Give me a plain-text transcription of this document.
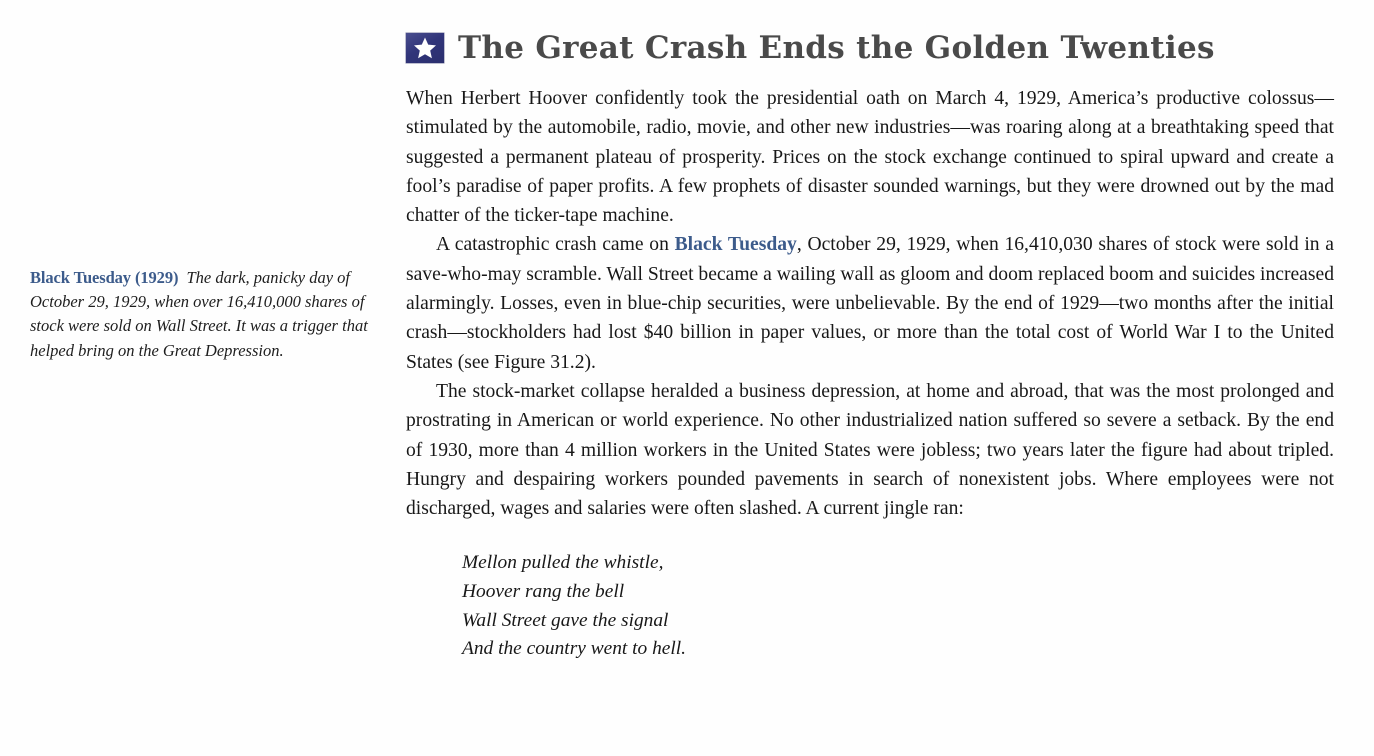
Black Tuesday (1929) The dark, panicky day of October 29, 1929, when over 16,410,000 shares of stock were sold on Wall Street. It was a trigger that helped bring on the Great Depression.
The Great Crash Ends the Golden Twenties

When Herbert Hoover confidently took the presidential oath on March 4, 1929, America’s productive colossus—stimulated by the automobile, radio, movie, and other new industries—was roaring along at a breathtaking speed that suggested a permanent plateau of prosperity. Prices on the stock exchange continued to spiral upward and create a fool’s paradise of paper profits. A few prophets of disaster sounded warnings, but they were drowned out by the mad chatter of the ticker-tape machine.

A catastrophic crash came on Black Tuesday, October 29, 1929, when 16,410,030 shares of stock were sold in a save-who-may scramble. Wall Street became a wailing wall as gloom and doom replaced boom and suicides increased alarmingly. Losses, even in blue-chip securities, were unbelievable. By the end of 1929—two months after the initial crash—stockholders had lost $40 billion in paper values, or more than the total cost of World War I to the United States (see Figure 31.2).

The stock-market collapse heralded a business depression, at home and abroad, that was the most prolonged and prostrating in American or world experience. No other industrialized nation suffered so severe a setback. By the end of 1930, more than 4 million workers in the United States were jobless; two years later the figure had about tripled. Hungry and despairing workers pounded pavements in search of nonexistent jobs. Where employees were not discharged, wages and salaries were often slashed. A current jingle ran:

Mellon pulled the whistle,
Hoover rang the bell
Wall Street gave the signal
And the country went to hell.
